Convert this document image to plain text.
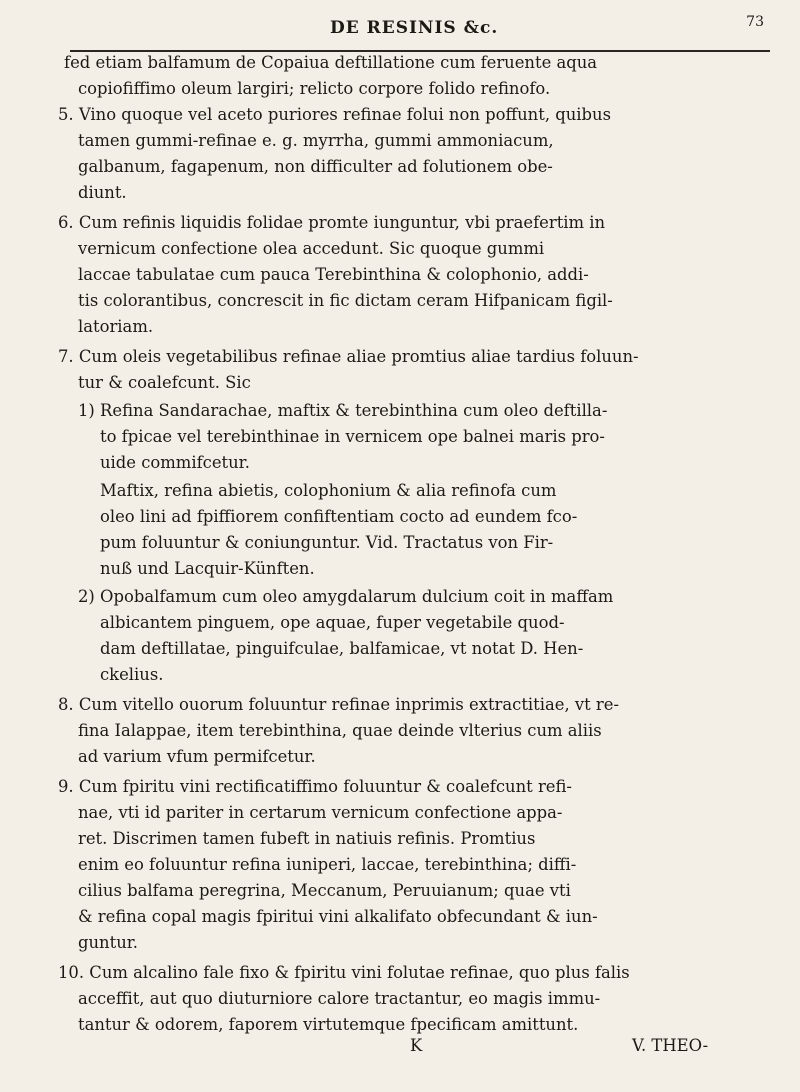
DE RESINIS &c.	73
fed etiam balfamum de Copaiua deftillatione cum feruente aqua
copiofiffimo oleum largiri; relicto corpore folido refinofo.
5. Vino quoque vel aceto puriores refinae folui non poffunt, quibus
tamen gummi-refinae e. g. myrrha, gummi ammoniacum,
galbanum, fagapenum, non difficulter ad folutionem obe-
diunt.
6. Cum refinis liquidis folidae promte iunguntur, vbi praefertim in
vernicum confectione olea accedunt. Sic quoque gummi
laccae tabulatae cum pauca Terebinthina & colophonio, addi-
tis colorantibus, concrescit in fic dictam ceram Hifpanicam figil-
latoriam.
7. Cum oleis vegetabilibus refinae aliae promtius aliae tardius foluun-
tur & coalefcunt. Sic
1) Refina Sandarachae, maftix & terebinthina cum oleo deftilla-
to fpicae vel terebinthinae in vernicem ope balnei maris pro-
uide commifcetur.
Maftix, refina abietis, colophonium & alia refinofa cum
oleo lini ad fpiffiorem confiftentiam cocto ad eundem fco-
pum foluuntur & coniunguntur. Vid. Tractatus von Fir-
nuß und Lacquir-Künften.
2) Opobalfamum cum oleo amygdalarum dulcium coit in maffam
albicantem pinguem, ope aquae, fuper vegetabile quod-
dam deftillatae, pinguifculae, balfamicae, vt notat D. Hen-
ckelius.
8. Cum vitello ouorum foluuntur refinae inprimis extractitiae, vt re-
fina Ialappae, item terebinthina, quae deinde vlterius cum aliis
ad varium vfum permifcetur.
9. Cum fpiritu vini rectificatiffimo foluuntur & coalefcunt refi-
nae, vti id pariter in certarum vernicum confectione appa-
ret. Discrimen tamen fubeft in natiuis refinis. Promtius
enim eo foluuntur refina iuniperi, laccae, terebinthina; diffi-
cilius balfama peregrina, Meccanum, Peruuianum; quae vti
& refina copal magis fpiritui vini alkalifato obfecundant & iun-
guntur.
10. Cum alcalino fale fixo & fpiritu vini folutae refinae, quo plus falis
acceffit, aut quo diuturniore calore tractantur, eo magis immu-
tantur & odorem, faporem virtutemque fpecificam amittunt.
K	V. THEO-
